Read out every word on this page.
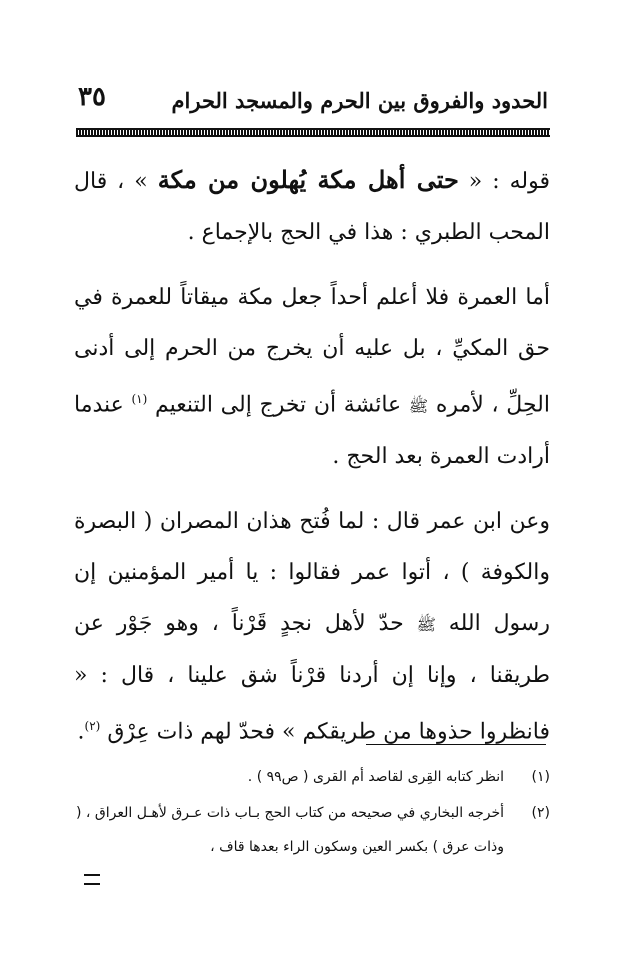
الحدود والفروق بين الحرم والمسجد الحرام
٣٥

قوله : « حتى أهل مكة يُهلون من مكة » ، قال المحب الطبري : هذا في الحج بالإجماع .

أما العمرة فلا أعلم أحداً جعل مكة ميقاتاً للعمرة في حق المكيِّ ، بل عليه أن يخرج من الحرم إلى أدنى الحِلِّ ، لأمره ﷺ عائشة أن تخرج إلى التنعيم $^{(١)}$ عندما أرادت العمرة بعد الحج .

وعن ابن عمر قال : لما فُتح هذان المصران ( البصرة والكوفة ) ، أتوا عمر فقالوا : يا أمير المؤمنين إن رسول الله ﷺ حدّ لأهل نجدٍ قَرْناً ، وهو جَوْر عن طريقنا ، وإنا إن أردنا قرْناً شق علينا ، قال : « فانظروا حذوها من طريقكم » فحدّ لهم ذات عِرْق $^{(٢)}$.

(١)
انظر كتابه القِرى لقاصد أم القرى ( ص٩٩ ) .
(٢)
أخرجه البخاري في صحيحه من كتاب الحج بـاب ذات عـرق لأهـل العراق ، ( وذات عرق ) بكسر العين وسكون الراء بعدها قاف ،
